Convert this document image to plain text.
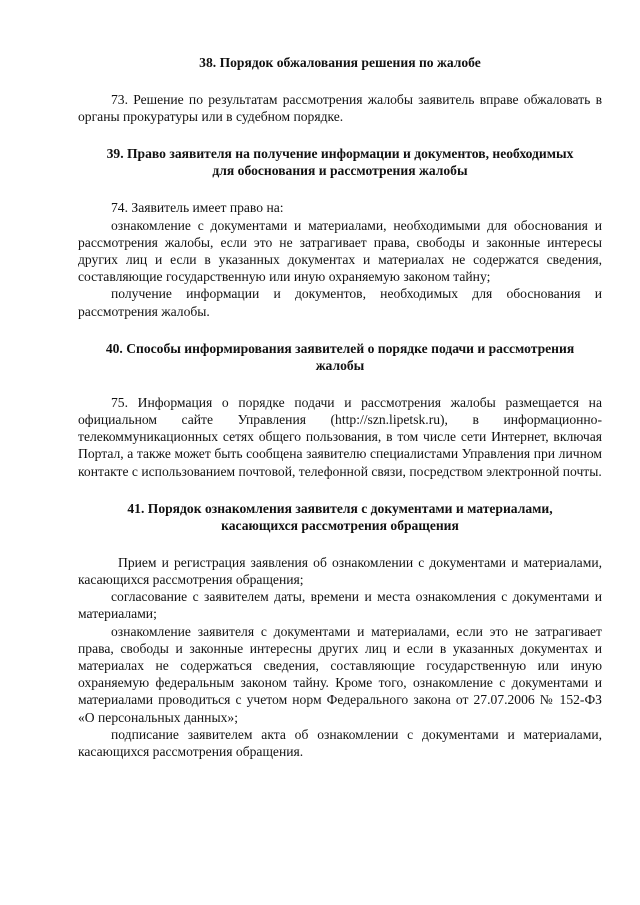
38. Порядок обжалования решения по жалобе

73. Решение по результатам рассмотрения жалобы заявитель вправе обжаловать в органы прокуратуры или в судебном порядке.

39. Право заявителя на получение информации и документов, необходимых
для обоснования и рассмотрения жалобы

74. Заявитель имеет право на:

ознакомление с документами и материалами, необходимыми для обоснования и рассмотрения жалобы, если это не затрагивает права, свободы и законные интересы других лиц и если в указанных документах и материалах не содержатся сведения, составляющие государственную или иную охраняемую законом тайну;

получение информации и документов, необходимых для обоснования и рассмотрения жалобы.

40. Способы информирования заявителей о порядке подачи и рассмотрения
жалобы

75. Информация о порядке подачи и рассмотрения жалобы размещается на официальном сайте Управления (http://szn.lipetsk.ru), в информационно-телекоммуникационных сетях общего пользования, в том числе сети Интернет, включая Портал, а также может быть сообщена заявителю специалистами Управления при личном контакте с использованием почтовой, телефонной связи, посредством электронной почты.

41. Порядок ознакомления заявителя с документами и материалами,
касающихся рассмотрения обращения

Прием и регистрация заявления об ознакомлении с документами и материалами, касающихся рассмотрения обращения;

согласование с заявителем даты, времени и места ознакомления с документами и материалами;

ознакомление заявителя с документами и материалами, если это не затрагивает права, свободы и законные интересны других лиц и если в указанных документах и материалах не содержаться сведения, составляющие государственную или иную охраняемую федеральным законом тайну. Кроме того, ознакомление с документами и материалами проводиться с учетом норм Федерального закона от 27.07.2006 № 152-ФЗ «О персональных данных»;

подписание заявителем акта об ознакомлении с документами и материалами, касающихся рассмотрения обращения.
